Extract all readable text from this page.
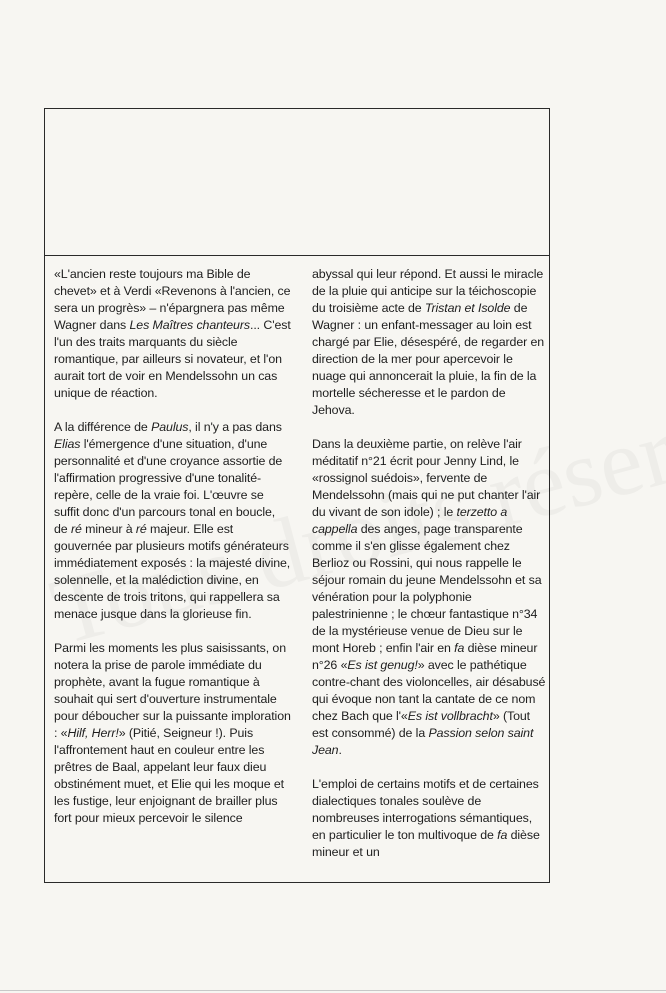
«L'ancien reste toujours ma Bible de chevet» et à Verdi «Revenons à l'ancien, ce sera un progrès» – n'épargnera pas même Wagner dans Les Maîtres chanteurs... C'est l'un des traits marquants du siècle romantique, par ailleurs si novateur, et l'on aurait tort de voir en Mendelssohn un cas unique de réaction.

A la différence de Paulus, il n'y a pas dans Elias l'émergence d'une situation, d'une personnalité et d'une croyance assortie de l'affirmation progressive d'une tonalité-repère, celle de la vraie foi. L'œuvre se suffit donc d'un parcours tonal en boucle, de ré mineur à ré majeur. Elle est gouvernée par plusieurs motifs générateurs immédiatement exposés : la majesté divine, solennelle, et la malédiction divine, en descente de trois tritons, qui rappellera sa menace jusque dans la glorieuse fin.

Parmi les moments les plus saisissants, on notera la prise de parole immédiate du prophète, avant la fugue romantique à souhait qui sert d'ouverture instrumentale pour déboucher sur la puissante imploration : «Hilf, Herr!» (Pitié, Seigneur !). Puis l'affrontement haut en couleur entre les prêtres de Baal, appelant leur faux dieu obstinément muet, et Elie qui les moque et les fustige, leur enjoignant de brailler plus fort pour mieux percevoir le silence

abyssal qui leur répond. Et aussi le miracle de la pluie qui anticipe sur la téichoscopie du troisième acte de Tristan et Isolde de Wagner : un enfant-messager au loin est chargé par Elie, désespéré, de regarder en direction de la mer pour apercevoir le nuage qui annoncerait la pluie, la fin de la mortelle sécheresse et le pardon de Jehova.

Dans la deuxième partie, on relève l'air méditatif n°21 écrit pour Jenny Lind, le «rossignol suédois», fervente de Mendelssohn (mais qui ne put chanter l'air du vivant de son idole) ; le terzetto a cappella des anges, page transparente comme il s'en glisse également chez Berlioz ou Rossini, qui nous rappelle le séjour romain du jeune Mendelssohn et sa vénération pour la polyphonie palestrinienne ; le chœur fantastique n°34 de la mystérieuse venue de Dieu sur le mont Horeb ; enfin l'air en fa dièse mineur n°26 «Es ist genug!» avec le pathétique contre-chant des violoncelles, air désabusé qui évoque non tant la cantate de ce nom chez Bach que l'«Es ist vollbracht» (Tout est consommé) de la Passion selon saint Jean.

L'emploi de certains motifs et de certaines dialectiques tonales soulève de nombreuses interrogations sémantiques, en particulier le ton multivoque de fa dièse mineur et un
